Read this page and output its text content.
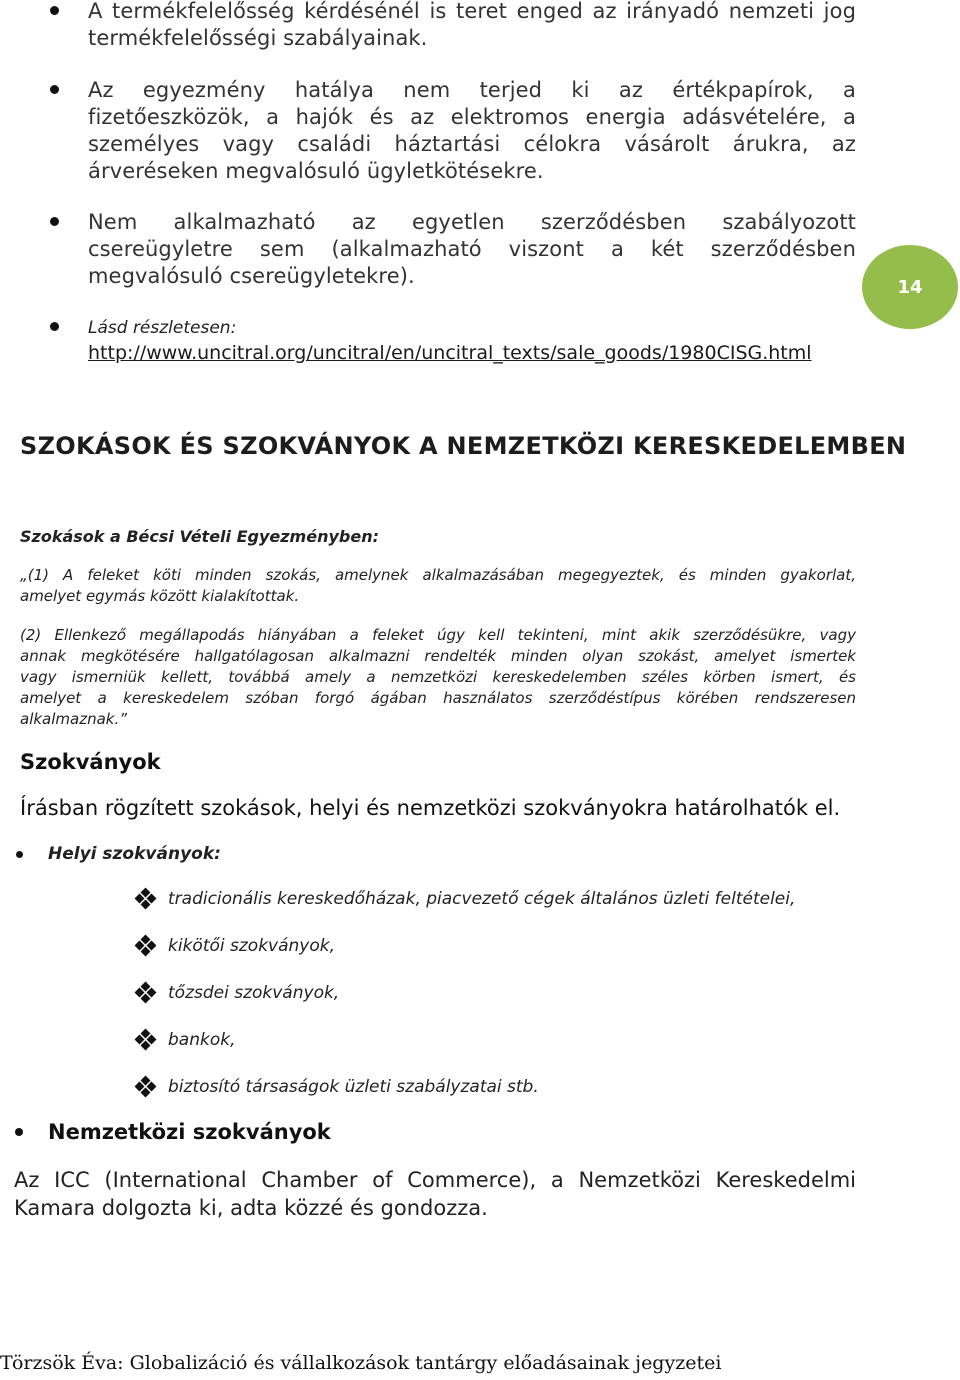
A termékfelelősség kérdésénél is teret enged az irányadó nemzeti jog
termékfelelősségi szabályainak.
Az egyezmény hatálya nem terjed ki az értékpapírok, a
fizetőeszközök, a hajók és az elektromos energia adásvételére, a
személyes vagy családi háztartási célokra vásárolt árukra, az
árveréseken megvalósuló ügyletkötésekre.
Nem alkalmazható az egyetlen szerződésben szabályozott
csereügyletre sem (alkalmazható viszont a két szerződésben
megvalósuló csereügyletekre).	14
Lásd részletesen:
http://www.uncitral.org/uncitral/en/uncitral_texts/sale_goods/1980CISG.html
SZOKÁSOK ÉS SZOKVÁNYOK A NEMZETKÖZI KERESKEDELEMBEN
Szokások a Bécsi Vételi Egyezményben:
„(1) A feleket köti minden szokás, amelynek alkalmazásában megegyeztek, és minden gyakorlat,
amelyet egymás között kialakítottak.
(2) Ellenkező megállapodás hiányában a feleket úgy kell tekinteni, mint akik szerződésükre, vagy
annak megkötésére hallgatólagosan alkalmazni rendelték minden olyan szokást, amelyet ismertek
vagy ismerniük kellett, továbbá amely a nemzetközi kereskedelemben széles körben ismert, és
amelyet a kereskedelem szóban forgó ágában használatos szerződéstípus körében rendszeresen
alkalmaznak.”
Szokványok
Írásban rögzített szokások, helyi és nemzetközi szokványokra határolhatók el.
Helyi szokványok:
tradicionális kereskedőházak, piacvezető cégek általános üzleti feltételei,
kikötői szokványok,
tőzsdei szokványok,
bankok,
biztosító társaságok üzleti szabályzatai stb.
Nemzetközi szokványok
Az ICC (International Chamber of Commerce), a Nemzetközi Kereskedelmi
Kamara dolgozta ki, adta közzé és gondozza.
Törzsök Éva: Globalizáció és vállalkozások tantárgy előadásainak jegyzetei
